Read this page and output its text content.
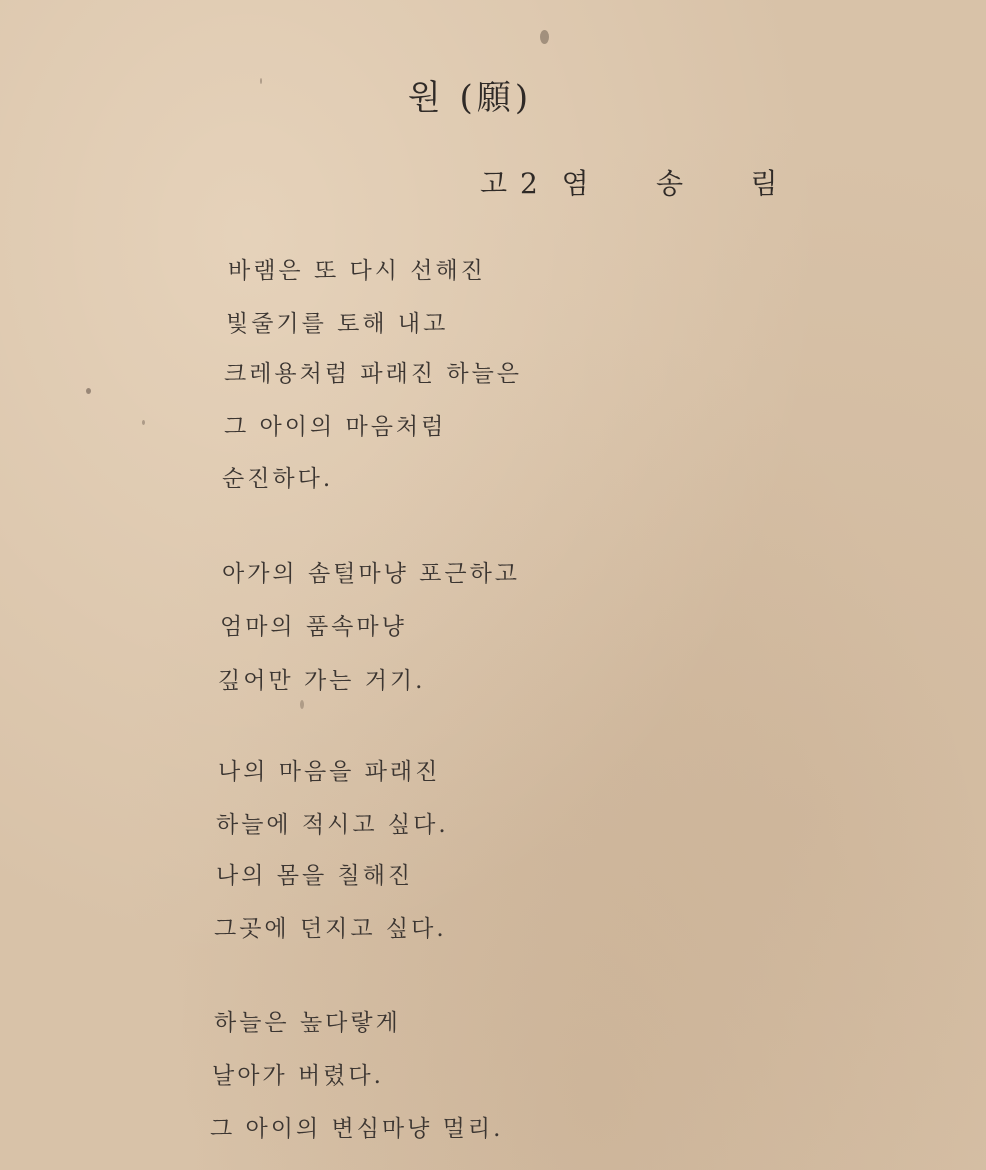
원 (願)
고 2  염      송      림
바램은 또 다시 선해진
빛줄기를 토해 내고
크레용처럼 파래진 하늘은
그 아이의 마음처럼
순진하다.
아가의 솜털마냥 포근하고
엄마의 품속마냥
깊어만 가는 거기.
나의 마음을 파래진
하늘에 적시고 싶다.
나의 몸을 칠해진
그곳에 던지고 싶다.
하늘은 높다랗게
날아가 버렸다.
그 아이의 변심마냥 멀리.
